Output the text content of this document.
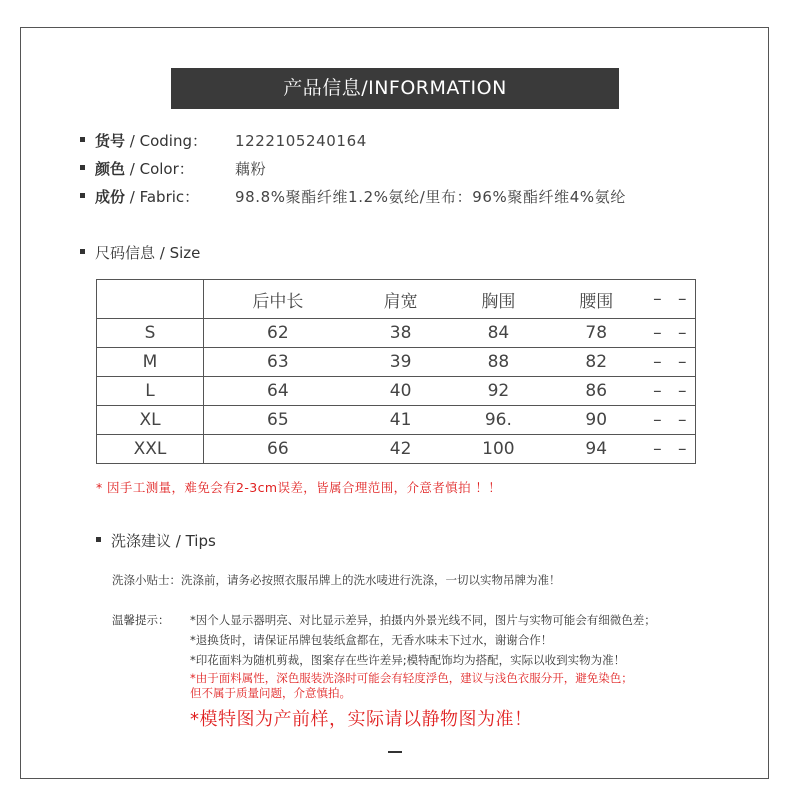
产品信息/INFORMATION
货号 / Coding： 1222105240164
颜色 / Color：	藕粉
成份 / Fabric： 98.8%聚酯纤维1.2%氨纶/里布：96%聚酯纤维4%氨纶
尺码信息 / Size
	后中长	肩宽	胸围	腰围	–	–
S	62	38	84	78	–	–
M	63	39	88	82	–	–
L	64	40	92	86	–	–
XL	65	41	96.	90	–	–
XXL	66	42	100	94	–	–
* 因手工测量，难免会有2-3cm误差，皆属合理范围，介意者慎拍 ！！
洗涤建议 / Tips
洗涤小贴士：洗涤前，请务必按照衣服吊牌上的洗水唛进行洗涤，一切以实物吊牌为准！
温馨提示： *因个人显示器明亮、对比显示差异，拍摄内外景光线不同，图片与实物可能会有细微色差；
*退换货时，请保证吊牌包装纸盒都在，无香水味未下过水，谢谢合作！
*印花面料为随机剪裁，图案存在些许差异;模特配饰均为搭配，实际以收到实物为准！
*由于面料属性，深色服装洗涤时可能会有轻度浮色，建议与浅色衣服分开，避免染色；
但不属于质量问题，介意慎拍。
*模特图为产前样，实际请以静物图为准！
